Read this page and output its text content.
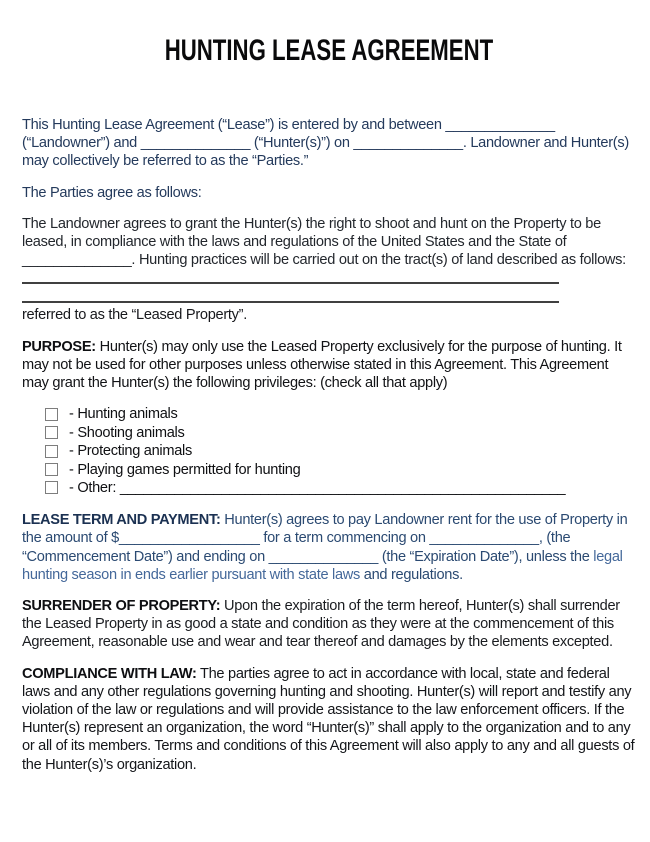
HUNTING LEASE AGREEMENT

This Hunting Lease Agreement (“Lease”) is entered by and between ______________ (“Landowner”) and ______________ (“Hunter(s)”) on ______________. Landowner and Hunter(s) may collectively be referred to as the “Parties.”

The Parties agree as follows:

The Landowner agrees to grant the Hunter(s) the right to shoot and hunt on the Property to be leased, in compliance with the laws and regulations of the United States and the State of ______________. Hunting practices will be carried out on the tract(s) of land described as follows:

referred to as the “Leased Property”.

PURPOSE: Hunter(s) may only use the Leased Property exclusively for the purpose of hunting. It may not be used for other purposes unless otherwise stated in this Agreement. This Agreement may grant the Hunter(s) the following privileges: (check all that apply)

- Hunting animals
- Shooting animals
- Protecting animals
- Playing games permitted for hunting
- Other: _________________________________________________________

LEASE TERM AND PAYMENT: Hunter(s) agrees to pay Landowner rent for the use of Property in the amount of $__________________ for a term commencing on ______________, (the “Commencement Date”) and ending on ______________ (the “Expiration Date”), unless the legal hunting season in ends earlier pursuant with state laws and regulations.

SURRENDER OF PROPERTY: Upon the expiration of the term hereof, Hunter(s) shall surrender the Leased Property in as good a state and condition as they were at the commencement of this Agreement, reasonable use and wear and tear thereof and damages by the elements excepted.

COMPLIANCE WITH LAW: The parties agree to act in accordance with local, state and federal laws and any other regulations governing hunting and shooting. Hunter(s) will report and testify any violation of the law or regulations and will provide assistance to the law enforcement officers. If the Hunter(s) represent an organization, the word “Hunter(s)” shall apply to the organization and to any or all of its members. Terms and conditions of this Agreement will also apply to any and all guests of the Hunter(s)’s organization.
